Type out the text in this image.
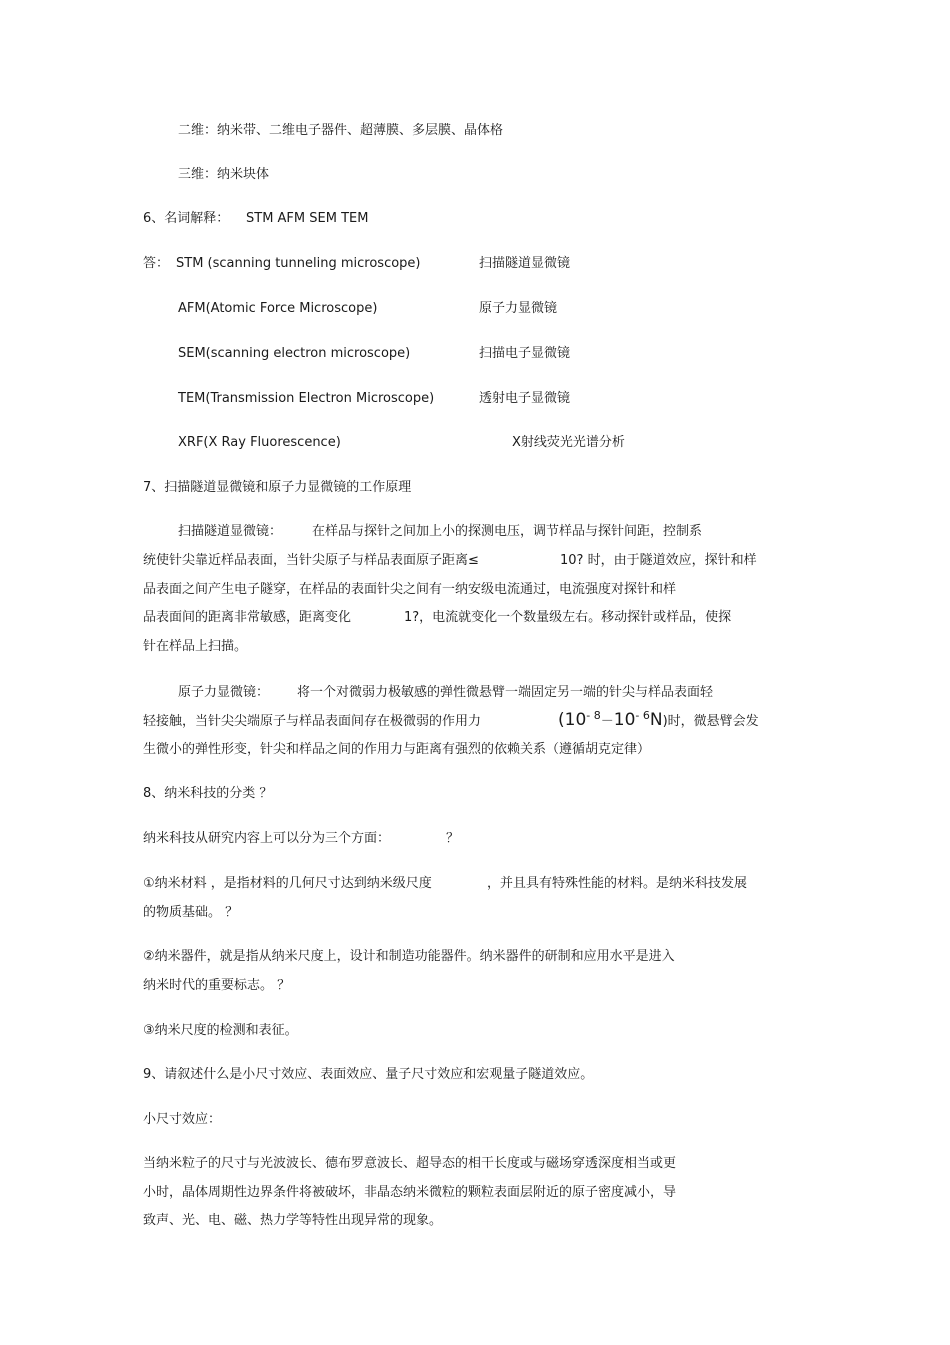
二维：纳米带、二维电子器件、超薄膜、多层膜、晶体格
三维：纳米块体
6、名词解释： STM AFM SEM TEM
答： STM (scanning tunneling microscope)	扫描隧道显微镜
AFM(Atomic Force Microscope)	原子力显微镜
SEM(scanning electron microscope)	扫描电子显微镜
TEM(Transmission Electron Microscope)	透射电子显微镜
XRF(X Ray Fluorescence)	X射线荧光光谱分析
7、扫描隧道显微镜和原子力显微镜的工作原理
扫描隧道显微镜： 在样品与探针之间加上小的探测电压，调节样品与探针间距，控制系
统使针尖靠近样品表面，当针尖原子与样品表面原子距离≤	10? 时，由于隧道效应，探针和样
品表面之间产生电子隧穿，在样品的表面针尖之间有一纳安级电流通过，电流强度对探针和样
品表面间的距离非常敏感，距离变化	1?，电流就变化一个数量级左右。移动探针或样品，使探
针在样品上扫描。
原子力显微镜： 将一个对微弱力极敏感的弹性微悬臂一端固定另一端的针尖与样品表面轻
轻接触，当针尖尖端原子与样品表面间存在极微弱的作用力	$(10^{- 8}-10^{- 6}N)$时，微悬臂会发
生微小的弹性形变，针尖和样品之间的作用力与距离有强烈的依赖关系（遵循胡克定律）
8、纳米科技的分类 ？
纳米科技从研究内容上可以分为三个方面：	？
①纳米材料 ，是指材料的几何尺寸达到纳米级尺度	，并且具有特殊性能的材料。是纳米科技发展
的物质基础。 ？
②纳米器件，就是指从纳米尺度上，设计和制造功能器件。纳米器件的研制和应用水平是进入
纳米时代的重要标志。 ？
③纳米尺度的检测和表征。
9、请叙述什么是小尺寸效应、表面效应、量子尺寸效应和宏观量子隧道效应。
小尺寸效应：
当纳米粒子的尺寸与光波波长、德布罗意波长、超导态的相干长度或与磁场穿透深度相当或更
小时，晶体周期性边界条件将被破坏，非晶态纳米微粒的颗粒表面层附近的原子密度减小，导
致声、光、电、磁、热力学等特性出现异常的现象。
